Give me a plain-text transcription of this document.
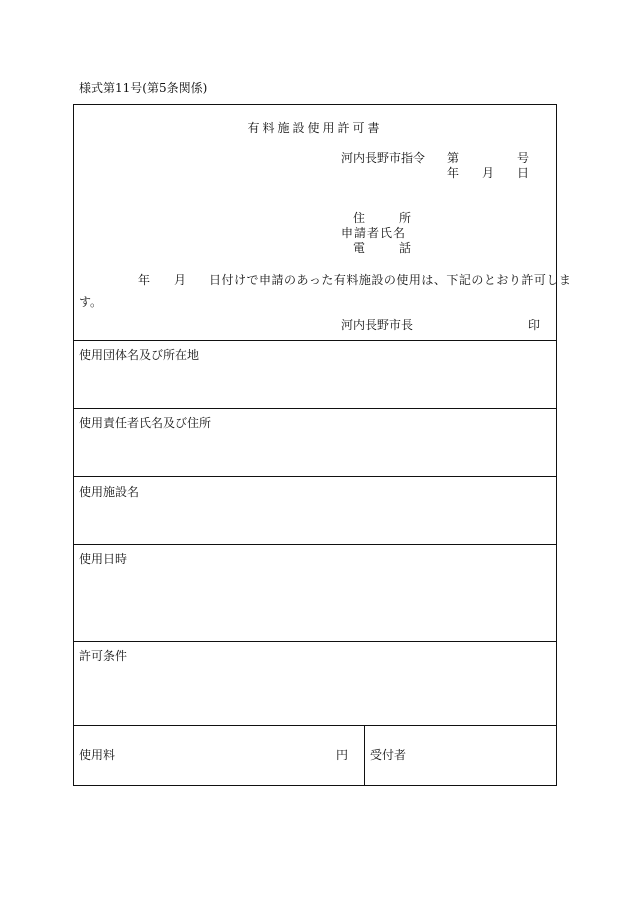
様式第11号(第5条関係)
有料施設使用許可書
河内長野市指令 第	号
年 月 日
住	所
申請者氏名
電	話
年 月 日付けで申請のあった有料施設の使用は、下記のとおり許可しま
す。
河内長野市長	印
使用団体名及び所在地
使用責任者氏名及び住所
使用施設名
使用日時
許可条件
使用料	円 受付者
